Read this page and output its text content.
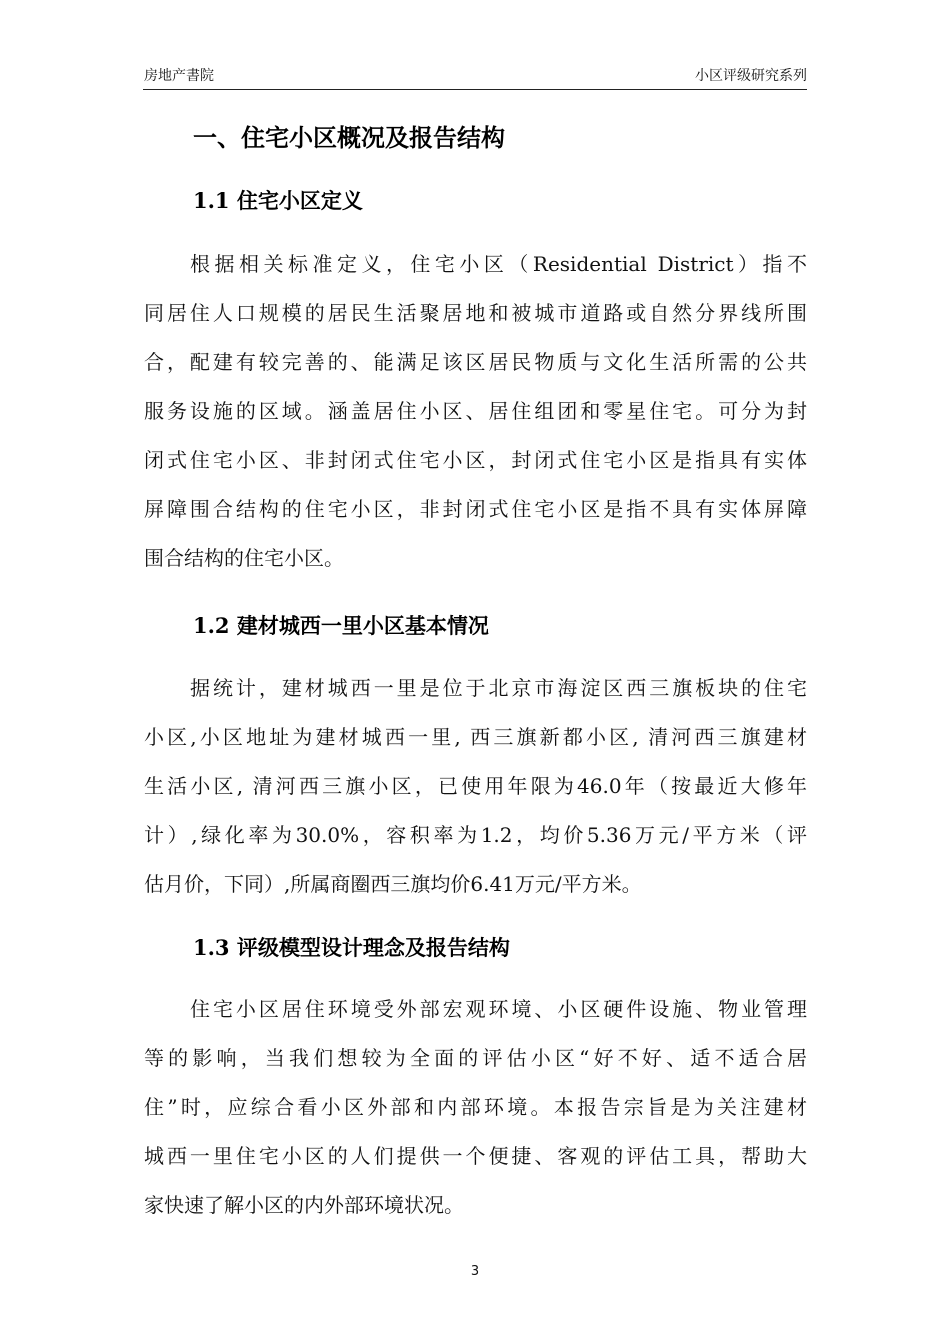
房地产書院	小区评级研究系列
一、住宅小区概况及报告结构
1.1 住宅小区定义
根据相关标准定义，住宅小区（Residential District）指不
同居住人口规模的居民生活聚居地和被城市道路或自然分界线所围
合，配建有较完善的、能满足该区居民物质与文化生活所需的公共
服务设施的区域。涵盖居住小区、居住组团和零星住宅。可分为封
闭式住宅小区、非封闭式住宅小区，封闭式住宅小区是指具有实体
屏障围合结构的住宅小区，非封闭式住宅小区是指不具有实体屏障
围合结构的住宅小区。
1.2 建材城西一里小区基本情况
据统计，建材城西一里是位于北京市海淀区西三旗板块的住宅
小区,小区地址为建材城西一里, 西三旗新都小区, 清河西三旗建材
生活小区, 清河西三旗小区，已使用年限为46.0年（按最近大修年
计）,绿化率为30.0%，容积率为1.2，均价5.36万元/平方米（评
估月价，下同）,所属商圈西三旗均价6.41万元/平方米。
1.3 评级模型设计理念及报告结构
住宅小区居住环境受外部宏观环境、小区硬件设施、物业管理
等的影响，当我们想较为全面的评估小区“好不好、适不适合居
住”时，应综合看小区外部和内部环境。本报告宗旨是为关注建材
城西一里住宅小区的人们提供一个便捷、客观的评估工具，帮助大
家快速了解小区的内外部环境状况。
3
